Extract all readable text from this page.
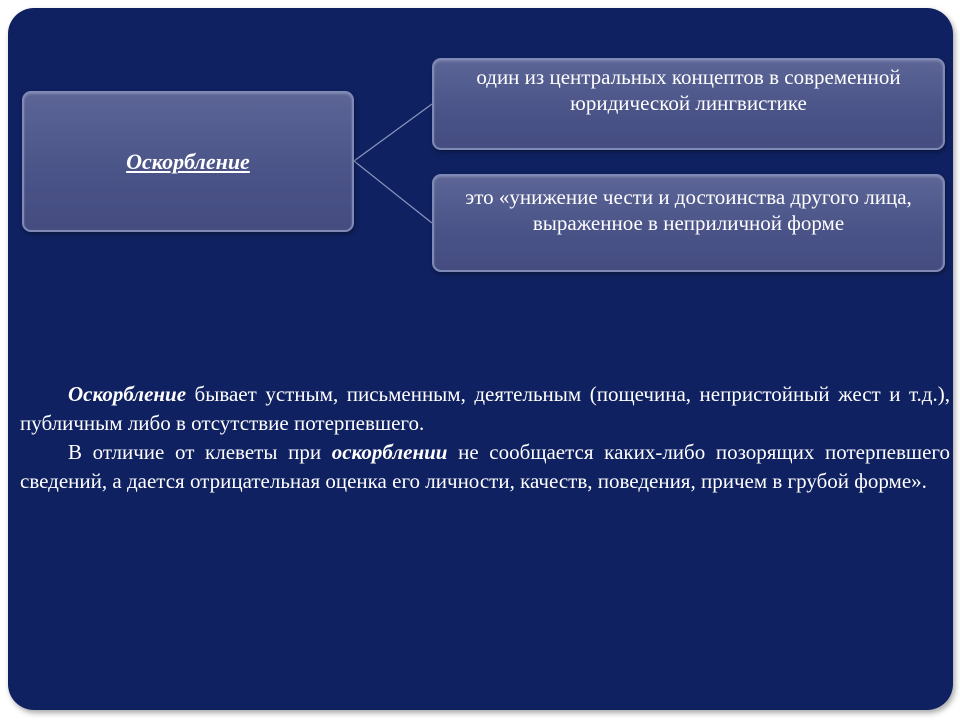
Оскорбление
один из центральных концептов в современной юридической лингвистике
это «унижение чести и достоинства другого лица, выраженное в неприличной форме

Оскорбление бывает устным, письменным, деятельным (пощечина, непристойный жест и т.д.), публичным либо в отсутствие потерпевшего.

В отличие от клеветы при оскорблении не сообщается каких-либо позорящих потерпевшего сведений, а дается отрицательная оценка его личности, качеств, поведения, причем в грубой форме».
